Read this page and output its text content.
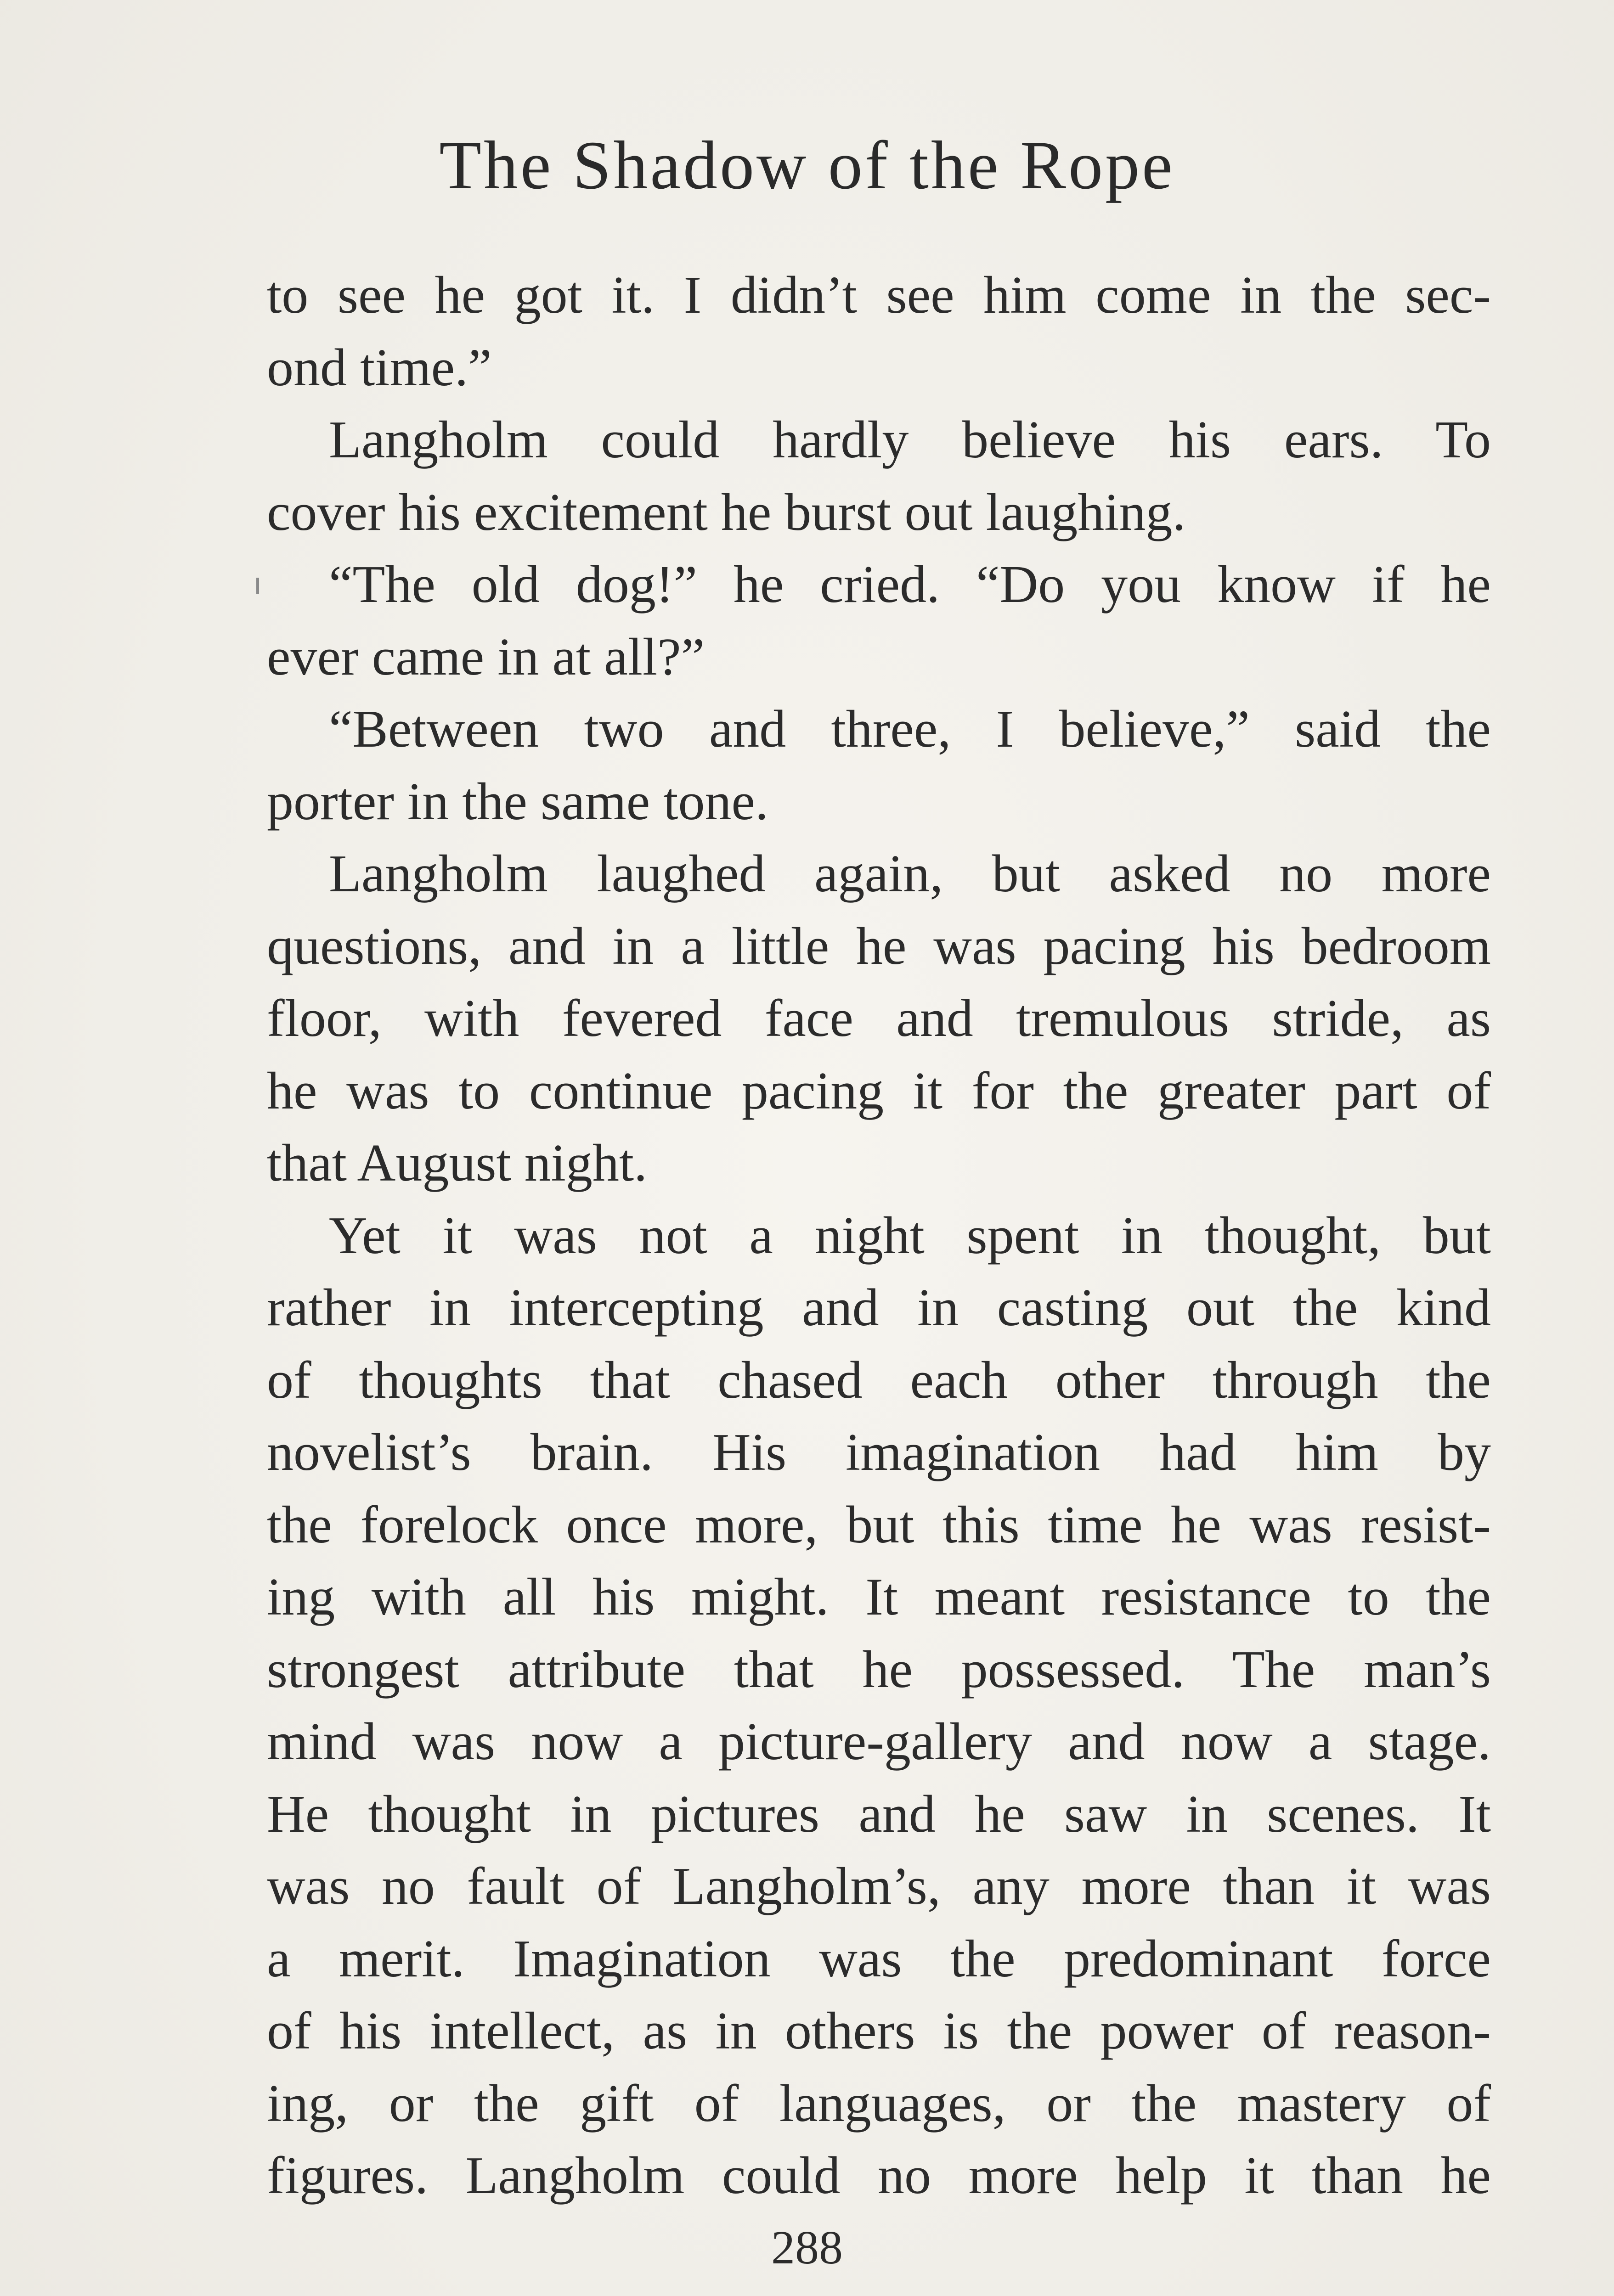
The Shadow of the Rope
to see he got it. I didn’t see him come in the sec-
ond time.”
Langholm could hardly believe his ears. To
cover his excitement he burst out laughing.
“The old dog!” he cried. “Do you know if he
ever came in at all?”
“Between two and three, I believe,” said the
porter in the same tone.
Langholm laughed again, but asked no more
questions, and in a little he was pacing his bedroom
floor, with fevered face and tremulous stride, as
he was to continue pacing it for the greater part of
that August night.
Yet it was not a night spent in thought, but
rather in intercepting and in casting out the kind
of thoughts that chased each other through the
novelist’s brain. His imagination had him by
the forelock once more, but this time he was resist-
ing with all his might. It meant resistance to the
strongest attribute that he possessed. The man’s
mind was now a picture-gallery and now a stage.
He thought in pictures and he saw in scenes. It
was no fault of Langholm’s, any more than it was
a merit. Imagination was the predominant force
of his intellect, as in others is the power of reason-
ing, or the gift of languages, or the mastery of
figures. Langholm could no more help it than he
288
